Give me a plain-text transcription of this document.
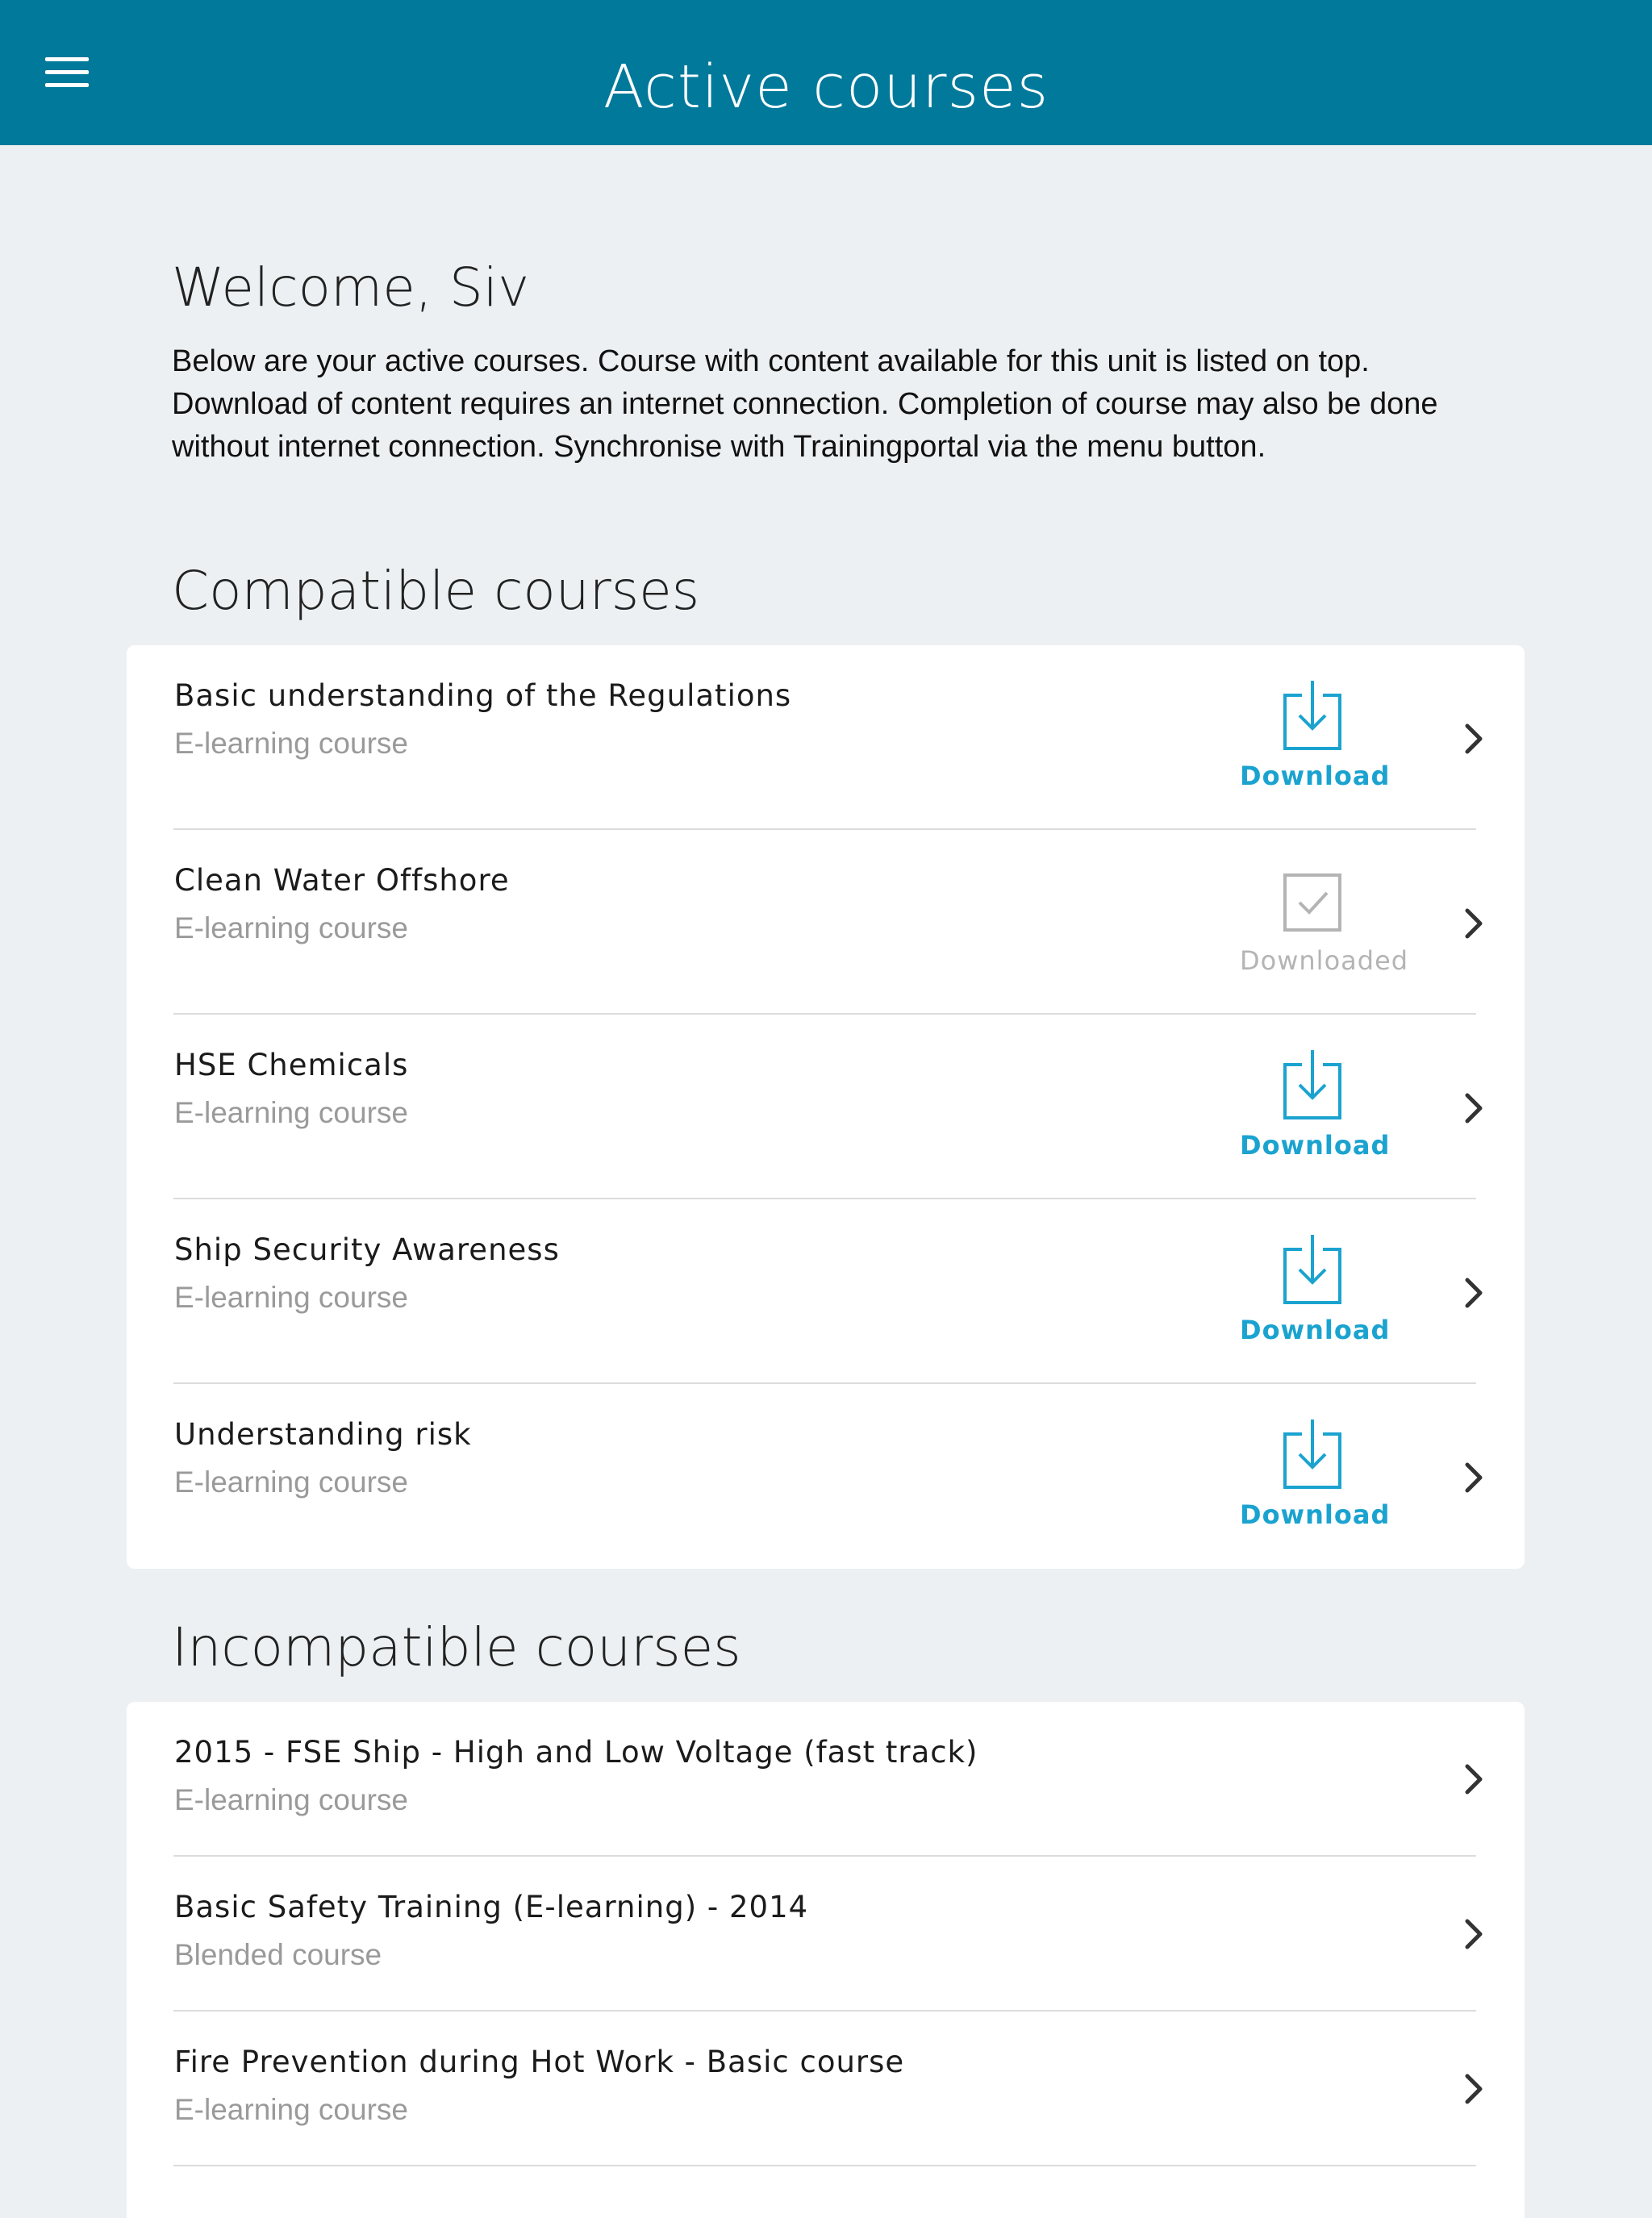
Active courses
Welcome, Siv
Below are your active courses. Course with content available for this unit is listed on top. Download of content requires an internet connection. Completion of course may also be done without internet connection. Synchronise with Trainingportal via the menu button.
Compatible courses
Basic understanding of the Regulations
E-learning course
Download
Clean Water Offshore
E-learning course
Downloaded
HSE Chemicals
E-learning course
Download
Ship Security Awareness
E-learning course
Download
Understanding risk
E-learning course
Download
Incompatible courses
2015 - FSE Ship - High and Low Voltage (fast track)
E-learning course
Basic Safety Training (E-learning) - 2014
Blended course
Fire Prevention during Hot Work - Basic course
E-learning course
